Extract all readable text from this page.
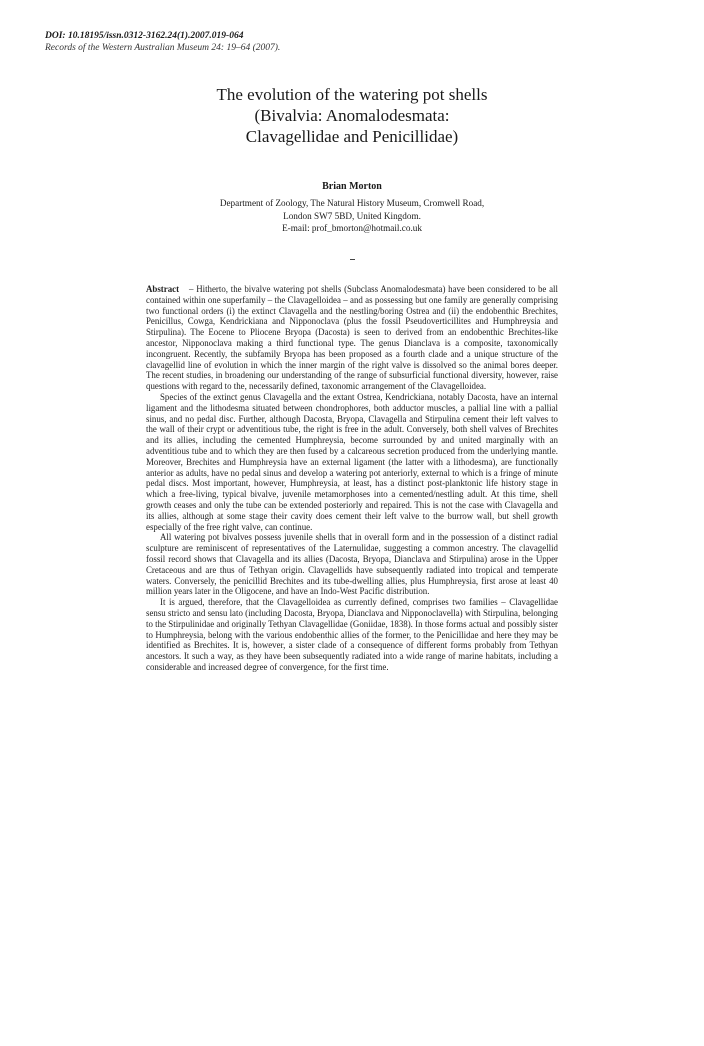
DOI: 10.18195/issn.0312-3162.24(1).2007.019-064
Records of the Western Australian Museum 24: 19–64 (2007).
The evolution of the watering pot shells
(Bivalvia: Anomalodesmata:
Clavagellidae and Penicillidae)
Brian Morton
Department of Zoology, The Natural History Museum, Cromwell Road,
London SW7 5BD, United Kingdom.
E-mail: prof_bmorton@hotmail.co.uk

Abstract – Hitherto, the bivalve watering pot shells (Subclass Anomalodesmata) have been considered to be all contained within one superfamily – the Clavagelloidea – and as possessing but one family are generally comprising two functional orders (i) the extinct Clavagella and the nestling/boring Ostrea and (ii) the endobenthic Brechites, Penicillus, Cowga, Kendrickiana and Nipponoclava (plus the fossil Pseudoverticillites and Humphreysia and Stirpulina). The Eocene to Pliocene Bryopa (Dacosta) is seen to derived from an endobenthic Brechites-like ancestor, Nipponoclava making a third functional type. The genus Dianclava is a composite, taxonomically incongruent. Recently, the subfamily Bryopa has been proposed as a fourth clade and a unique structure of the clavagellid line of evolution in which the inner margin of the right valve is dissolved so the animal bores deeper. The recent studies, in broadening our understanding of the range of subsurficial functional diversity, however, raise questions with regard to the, necessarily defined, taxonomic arrangement of the Clavagelloidea.

Species of the extinct genus Clavagella and the extant Ostrea, Kendrickiana, notably Dacosta, have an internal ligament and the lithodesma situated between chondrophores, both adductor muscles, a pallial line with a pallial sinus, and no pedal disc. Further, although Dacosta, Bryopa, Clavagella and Stirpulina cement their left valves to the wall of their crypt or adventitious tube, the right is free in the adult. Conversely, both shell valves of Brechites and its allies, including the cemented Humphreysia, become surrounded by and united marginally with an adventitious tube and to which they are then fused by a calcareous secretion produced from the underlying mantle. Moreover, Brechites and Humphreysia have an external ligament (the latter with a lithodesma), are functionally anterior as adults, have no pedal sinus and develop a watering pot anteriorly, external to which is a fringe of minute pedal discs. Most important, however, Humphreysia, at least, has a distinct post-planktonic life history stage in which a free-living, typical bivalve, juvenile metamorphoses into a cemented/nestling adult. At this time, shell growth ceases and only the tube can be extended posteriorly and repaired. This is not the case with Clavagella and its allies, although at some stage their cavity does cement their left valve to the burrow wall, but shell growth especially of the free right valve, can continue.

All watering pot bivalves possess juvenile shells that in overall form and in the possession of a distinct radial sculpture are reminiscent of representatives of the Laternulidae, suggesting a common ancestry. The clavagellid fossil record shows that Clavagella and its allies (Dacosta, Bryopa, Dianclava and Stirpulina) arose in the Upper Cretaceous and are thus of Tethyan origin. Clavagellids have subsequently radiated into tropical and temperate waters. Conversely, the penicillid Brechites and its tube-dwelling allies, plus Humphreysia, first arose at least 40 million years later in the Oligocene, and have an Indo-West Pacific distribution.

It is argued, therefore, that the Clavagelloidea as currently defined, comprises two families – Clavagellidae sensu stricto and sensu lato (including Dacosta, Bryopa, Dianclava and Nipponoclavella) with Stirpulina, belonging to the Stirpulinidae and originally Tethyan Clavagellidae (Goniidae, 1838). In those forms actual and possibly sister to Humphreysia, belong with the various endobenthic allies of the former, to the Penicillidae and here they may be identified as Brechites. It is, however, a sister clade of a consequence of different forms probably from Tethyan ancestors. It such a way, as they have been subsequently radiated into a wide range of marine habitats, including a considerable and increased degree of convergence, for the first time.
